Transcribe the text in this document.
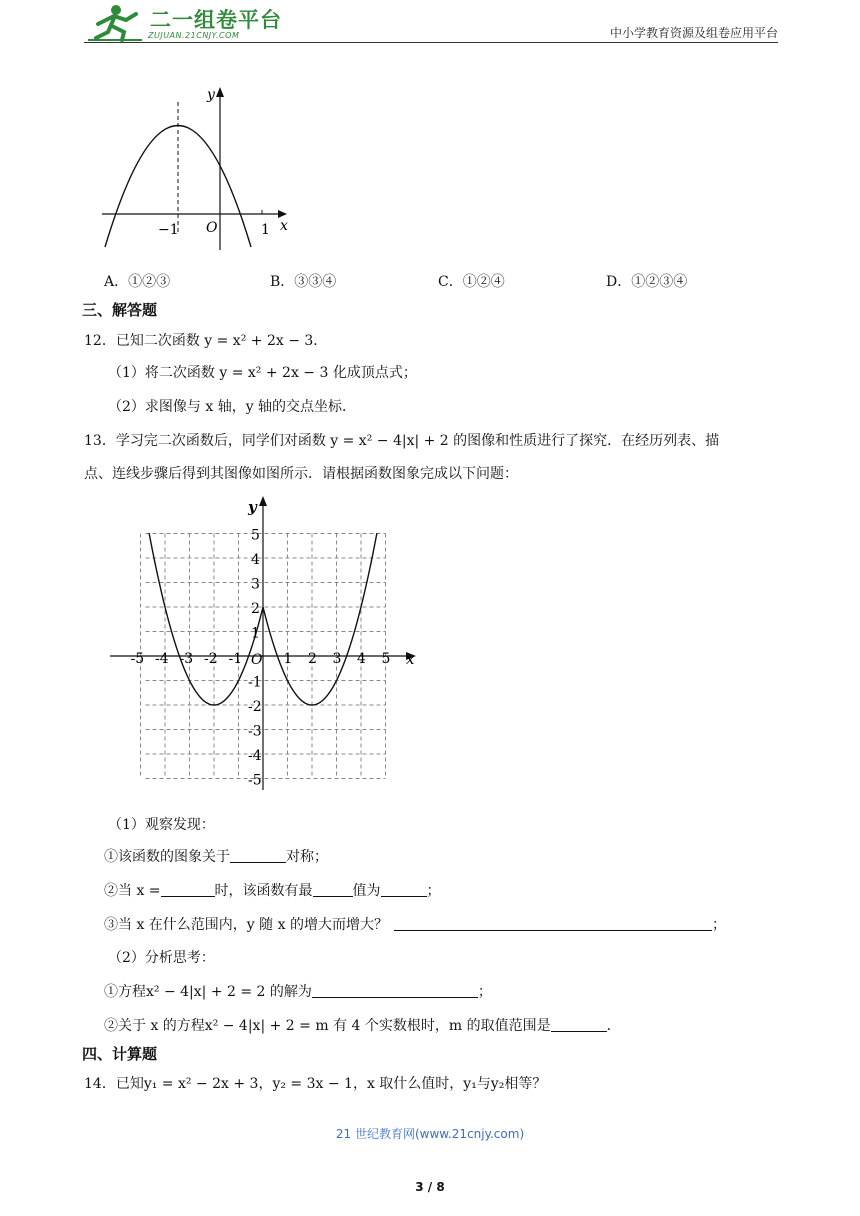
二一组卷平台
ZUJUAN.21CNJY.COM	中小学教育资源及组卷应用平台
y
x
O
−1	1
A．①②③	B．③③④	C．①②④	D．①②③④
三、解答题
12．已知二次函数 y = x² + 2x − 3．
（1）将二次函数 y = x² + 2x − 3 化成顶点式；
（2）求图像与 x 轴，y 轴的交点坐标．
13．学习完二次函数后，同学们对函数 y = x² − 4|x| + 2 的图像和性质进行了探究．在经历列表、描
点、连线步骤后得到其图像如图所示．请根据函数图象完成以下问题：
y
x
O
-5 -4 -3 -2 -1	1 2 3 4 5
5
4
3
2
1
-1
-2
-3
-4
-5
（1）观察发现：
①该函数的图象关于	对称；
②当 x =	时，该函数有最	值为	；
③当 x 在什么范围内，y 随 x 的增大而增大？	；
（2）分析思考：
①方程x² − 4|x| + 2 = 2 的解为	；
②关于 x 的方程x² − 4|x| + 2 = m 有 4 个实数根时，m 的取值范围是	.
四、计算题
14．已知y₁ = x² − 2x + 3，y₂ = 3x − 1，x 取什么值时，y₁与y₂相等？
21 世纪教育网(www.21cnjy.com)
3 / 8
